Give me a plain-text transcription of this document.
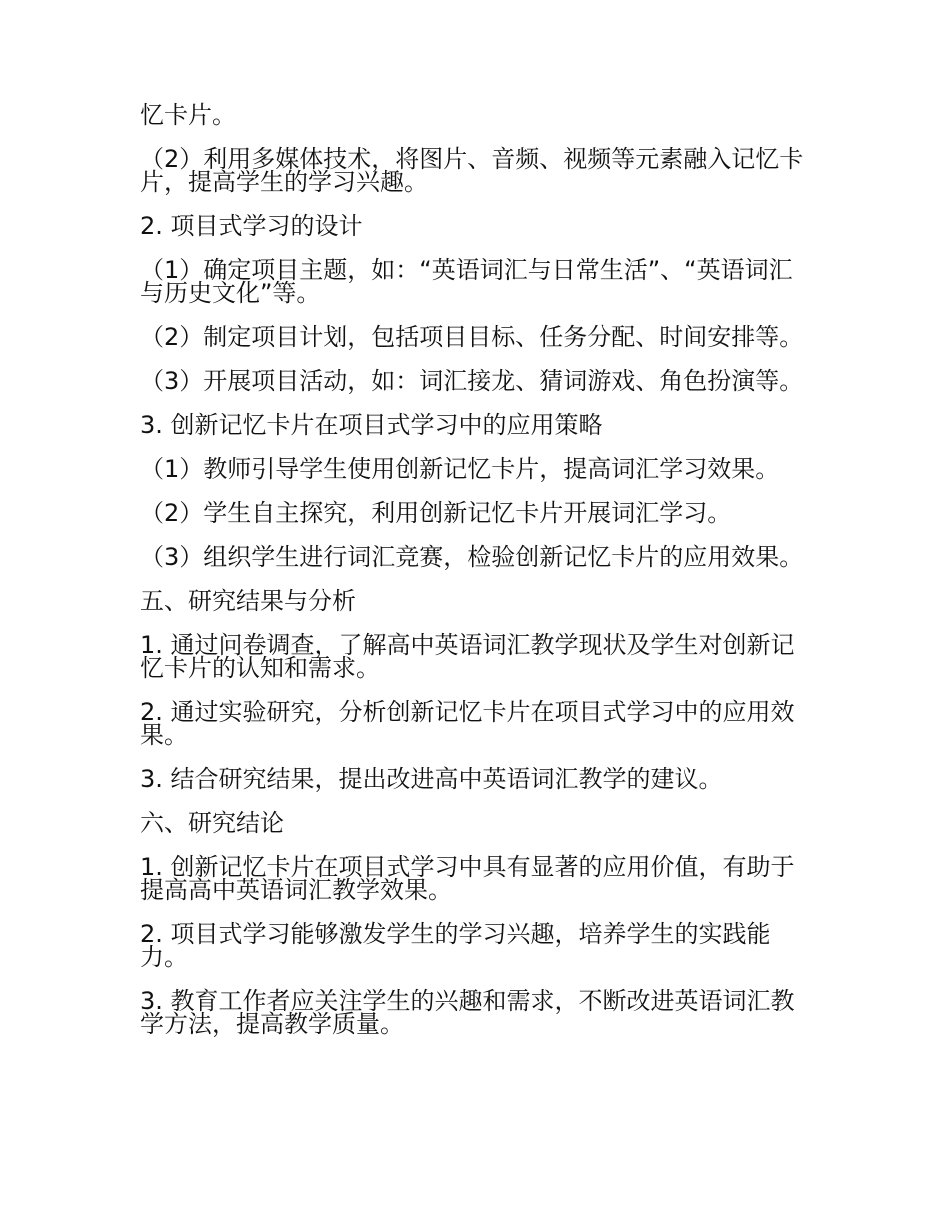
忆卡片。

（2）利用多媒体技术，将图片、音频、视频等元素融入记忆卡片，提高学生的学习兴趣。

2. 项目式学习的设计

（1）确定项目主题，如：“英语词汇与日常生活”、“英语词汇与历史文化”等。

（2）制定项目计划，包括项目目标、任务分配、时间安排等。

（3）开展项目活动，如：词汇接龙、猜词游戏、角色扮演等。

3. 创新记忆卡片在项目式学习中的应用策略

（1）教师引导学生使用创新记忆卡片，提高词汇学习效果。

（2）学生自主探究，利用创新记忆卡片开展词汇学习。

（3）组织学生进行词汇竞赛，检验创新记忆卡片的应用效果。

五、研究结果与分析

1. 通过问卷调查，了解高中英语词汇教学现状及学生对创新记忆卡片的认知和需求。

2. 通过实验研究，分析创新记忆卡片在项目式学习中的应用效果。

3. 结合研究结果，提出改进高中英语词汇教学的建议。

六、研究结论

1. 创新记忆卡片在项目式学习中具有显著的应用价值，有助于提高高中英语词汇教学效果。

2. 项目式学习能够激发学生的学习兴趣，培养学生的实践能力。

3. 教育工作者应关注学生的兴趣和需求，不断改进英语词汇教学方法，提高教学质量。
